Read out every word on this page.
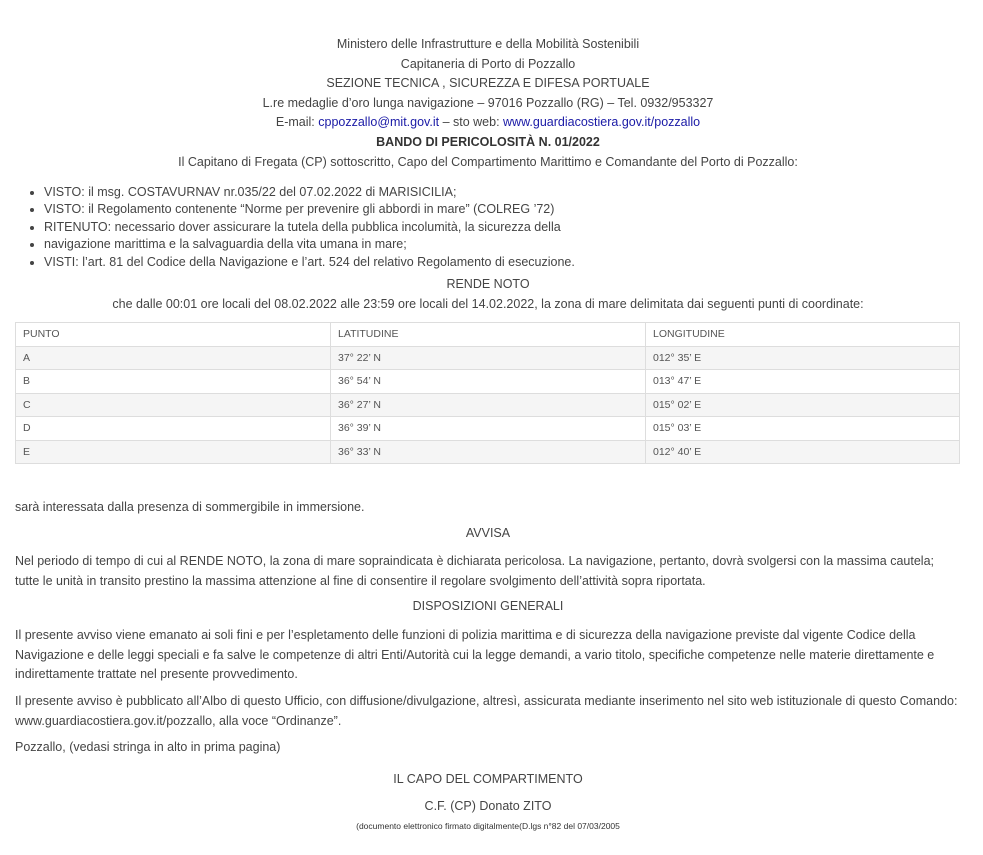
Ministero delle Infrastrutture e della Mobilità Sostenibili
Capitaneria di Porto di Pozzallo
SEZIONE TECNICA , SICUREZZA E DIFESA PORTUALE
L.re medaglie d’oro lunga navigazione – 97016 Pozzallo (RG) – Tel. 0932/953327
E-mail: cppozzallo@mit.gov.it – sto web: www.guardiacostiera.gov.it/pozzallo
BANDO DI PERICOLOSITÀ N. 01/2022
Il Capitano di Fregata (CP) sottoscritto, Capo del Compartimento Marittimo e Comandante del Porto di Pozzallo:
• VISTO: il msg. COSTAVURNAV nr.035/22 del 07.02.2022 di MARISICILIA;
• VISTO: il Regolamento contenente “Norme per prevenire gli abbordi in mare” (COLREG ’72)
• RITENUTO: necessario dover assicurare la tutela della pubblica incolumità, la sicurezza della
• navigazione marittima e la salvaguardia della vita umana in mare;
• VISTI: l’art. 81 del Codice della Navigazione e l’art. 524 del relativo Regolamento di esecuzione.
RENDE NOTO
che dalle 00:01 ore locali del 08.02.2022 alle 23:59 ore locali del 14.02.2022, la zona di mare delimitata dai seguenti punti di coordinate:
PUNTO	LATITUDINE	LONGITUDINE
A	37° 22’ N	012° 35’ E
B	36° 54’ N	013° 47’ E
C	36° 27’ N	015° 02’ E
D	36° 39’ N	015° 03’ E
E	36° 33’ N	012° 40’ E
sarà interessata dalla presenza di sommergibile in immersione.
AVVISA
Nel periodo di tempo di cui al RENDE NOTO, la zona di mare sopraindicata è dichiarata pericolosa. La navigazione, pertanto, dovrà svolgersi con la massima cautela; tutte le unità in transito prestino la massima attenzione al fine di consentire il regolare svolgimento dell’attività sopra riportata.
DISPOSIZIONI GENERALI
Il presente avviso viene emanato ai soli fini e per l’espletamento delle funzioni di polizia marittima e di sicurezza della navigazione previste dal vigente Codice della Navigazione e delle leggi speciali e fa salve le competenze di altri Enti/Autorità cui la legge demandi, a vario titolo, specifiche competenze nelle materie direttamente e indirettamente trattate nel presente provvedimento.
Il presente avviso è pubblicato all’Albo di questo Ufficio, con diffusione/divulgazione, altresì, assicurata mediante inserimento nel sito web istituzionale di questo Comando: www.guardiacostiera.gov.it/pozzallo, alla voce “Ordinanze”.
Pozzallo, (vedasi stringa in alto in prima pagina)
IL CAPO DEL COMPARTIMENTO
C.F. (CP) Donato ZITO
(documento elettronico firmato digitalmente(D.lgs n°82 del 07/03/2005
